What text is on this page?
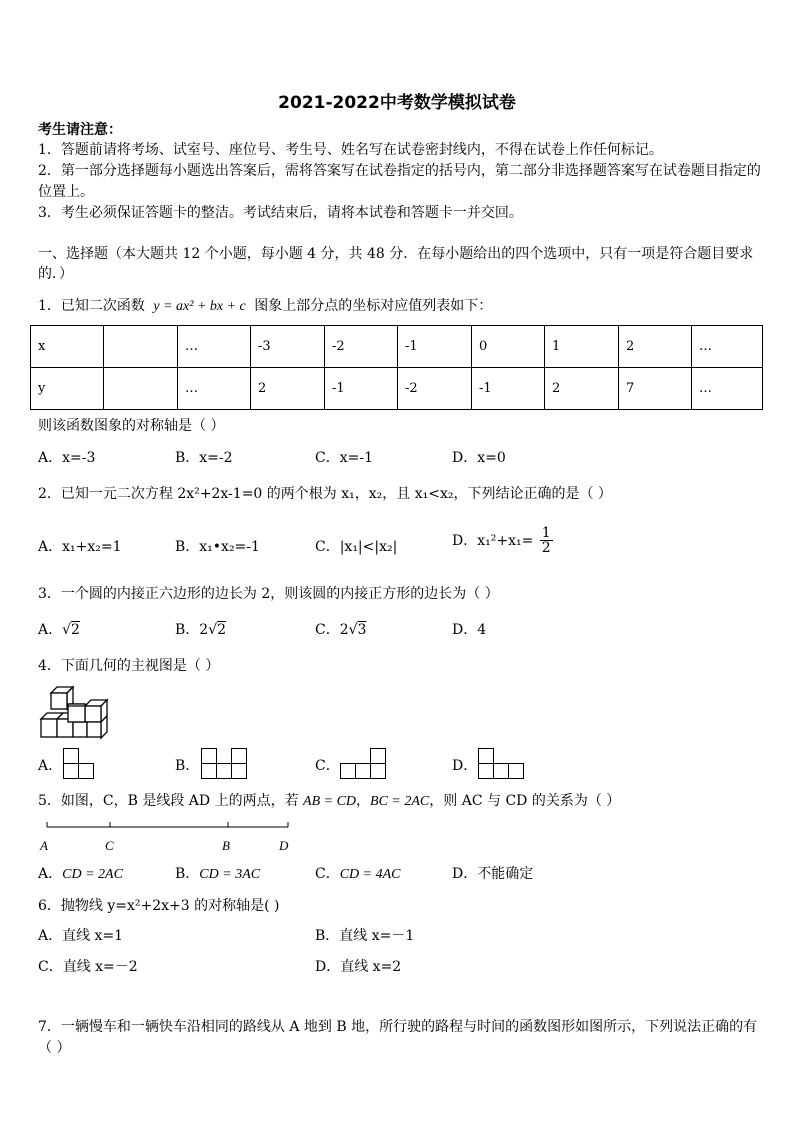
2021-2022中考数学模拟试卷
考生请注意：
1．答题前请将考场、试室号、座位号、考生号、姓名写在试卷密封线内，不得在试卷上作任何标记。
2．第一部分选择题每小题选出答案后，需将答案写在试卷指定的括号内，第二部分非选择题答案写在试卷题目指定的
位置上。
3．考生必须保证答题卡的整洁。考试结束后，请将本试卷和答题卡一并交回。
一、选择题（本大题共 12 个小题，每小题 4 分，共 48 分．在每小题给出的四个选项中，只有一项是符合题目要求
的．）
1．已知二次函数 y = ax² + bx + c 图象上部分点的坐标对应值列表如下：
x		…	-3	-2	-1	0	1	2	…
y		…	2	-1	-2	-1	2	7	…
则该函数图象的对称轴是（ ）
A．x=-3	B．x=-2	C．x=-1	D．x=0
2．已知一元二次方程 2x²+2x-1=0 的两个根为 x₁，x₂，且 x₁<x₂，下列结论正确的是（ ）
A．x₁+x₂=1	B．x₁•x₂=-1	C．|x₁|<|x₂|	D．$x_1^2+x_1= \frac{1}{2}$
3．一个圆的内接正六边形的边长为 2，则该圆的内接正方形的边长为（ ）
A．√2	B．2√2	C．2√3	D．4
4．下面几何的主视图是（ ）
A．	B．	C．	D．
5．如图，C，B 是线段 AD 上的两点，若 AB = CD，BC = 2AC，则 AC 与 CD 的关系为（ ）
A	C	B	D
A．CD = 2AC	B．CD = 3AC	C．CD = 4AC	D．不能确定
6．抛物线 y=x²+2x+3 的对称轴是( )
A．直线 x=1	B．直线 x=－1
C．直线 x=－2	D．直线 x=2
7．一辆慢车和一辆快车沿相同的路线从 A 地到 B 地，所行驶的路程与时间的函数图形如图所示，下列说法正确的有
（ ）
